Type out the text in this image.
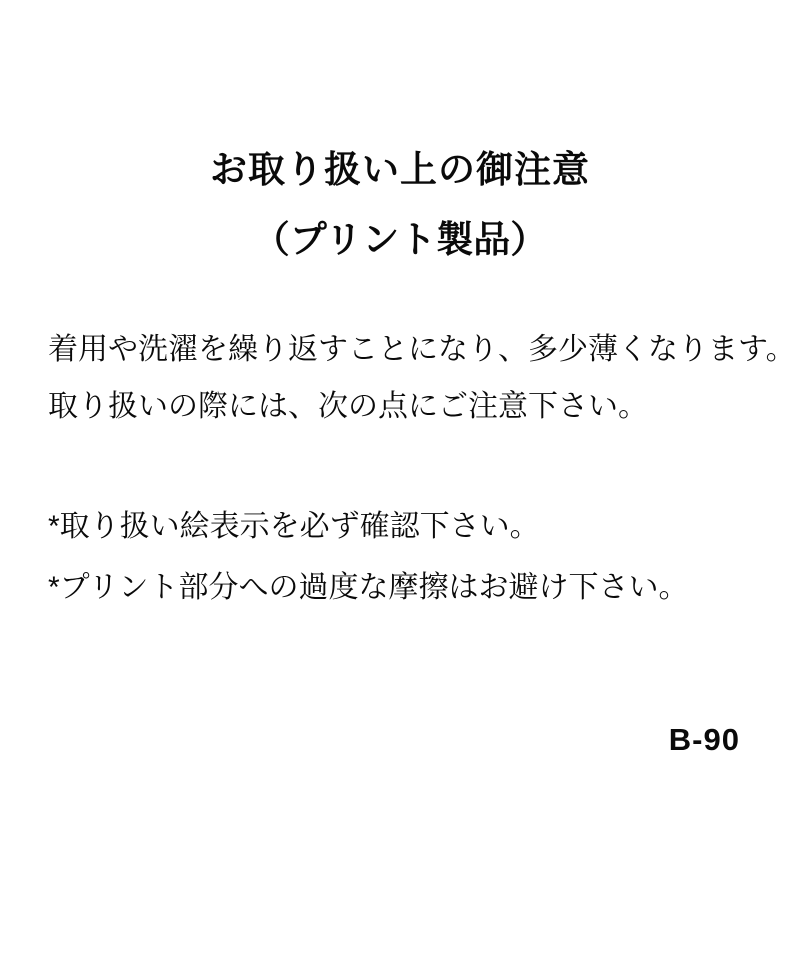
お取り扱い上の御注意
（プリント製品）
着用や洗濯を繰り返すことになり、多少薄くなります。
取り扱いの際には、次の点にご注意下さい。
*取り扱い絵表示を必ず確認下さい。
*プリント部分への過度な摩擦はお避け下さい。
B-90
